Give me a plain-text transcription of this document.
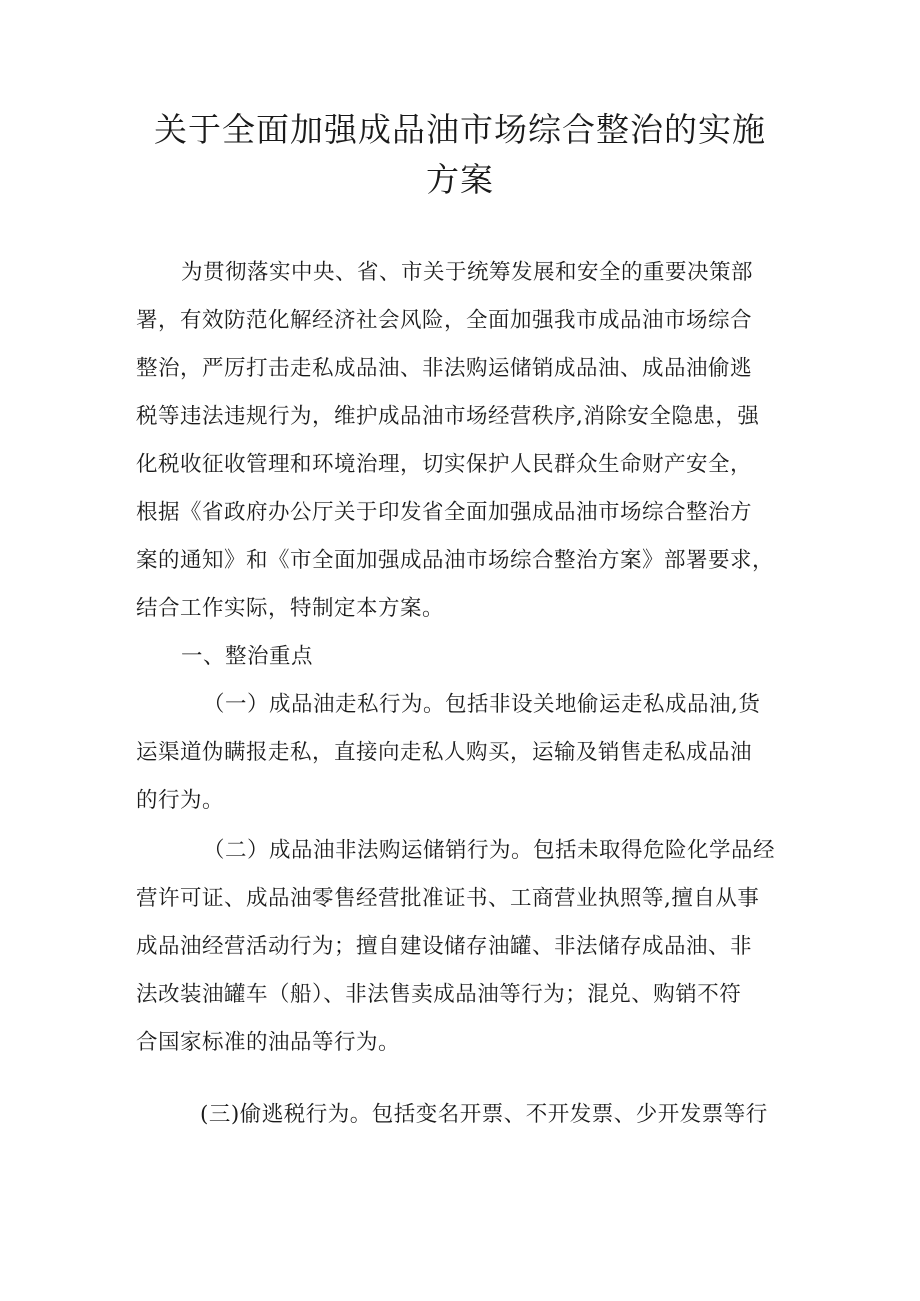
关于全面加强成品油市场综合整治的实施
方案
为贯彻落实中央、省、市关于统筹发展和安全的重要决策部
署，有效防范化解经济社会风险，全面加强我市成品油市场综合
整治，严厉打击走私成品油、非法购运储销成品油、成品油偷逃
税等违法违规行为，维护成品油市场经营秩序,消除安全隐患，强
化税收征收管理和环境治理，切实保护人民群众生命财产安全，
根据《省政府办公厅关于印发省全面加强成品油市场综合整治方
案的通知》和《市全面加强成品油市场综合整治方案》部署要求，
结合工作实际，特制定本方案。
一、整治重点
（一）成品油走私行为。包括非设关地偷运走私成品油,货
运渠道伪瞒报走私，直接向走私人购买，运输及销售走私成品油
的行为。
（二）成品油非法购运储销行为。包括未取得危险化学品经
营许可证、成品油零售经营批准证书、工商营业执照等,擅自从事
成品油经营活动行为；擅自建设储存油罐、非法储存成品油、非
法改装油罐车（船）、非法售卖成品油等行为；混兑、购销不符
合国家标准的油品等行为。
(三)偷逃税行为。包括变名开票、不开发票、少开发票等行
